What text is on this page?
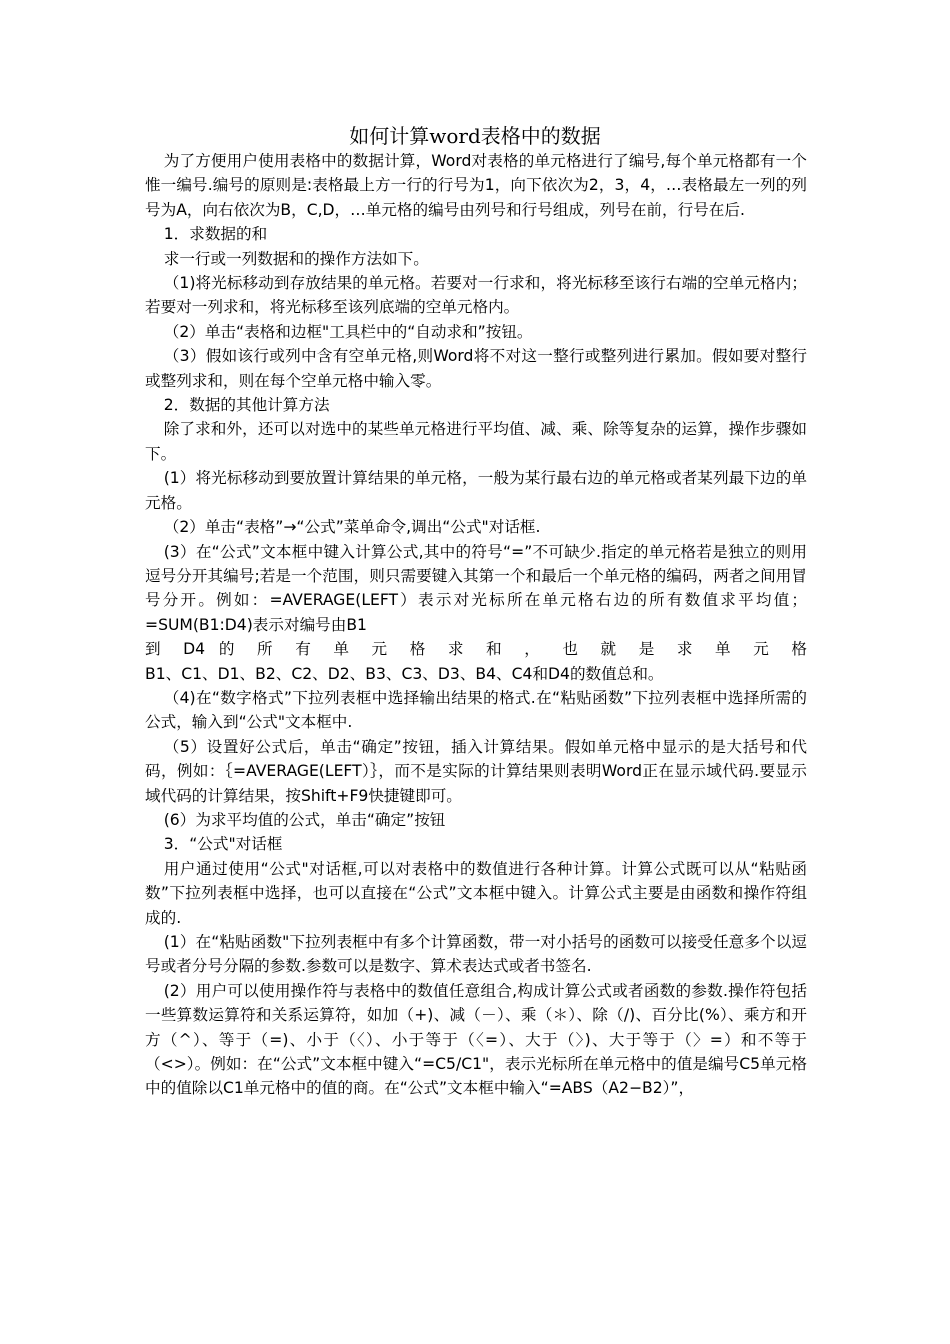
如何计算word表格中的数据

为了方便用户使用表格中的数据计算，Word对表格的单元格进行了编号,每个单元格都有一个惟一编号.编号的原则是:表格最上方一行的行号为1，向下依次为2，3，4，…表格最左一列的列号为A，向右依次为B，C,D，…单元格的编号由列号和行号组成，列号在前，行号在后.

1．求数据的和

求一行或一列数据和的操作方法如下。

（1)将光标移动到存放结果的单元格。若要对一行求和，将光标移至该行右端的空单元格内；若要对一列求和，将光标移至该列底端的空单元格内。

（2）单击“表格和边框"工具栏中的“自动求和”按钮。

（3）假如该行或列中含有空单元格,则Word将不对这一整行或整列进行累加。假如要对整行或整列求和，则在每个空单元格中输入零。

2．数据的其他计算方法

除了求和外，还可以对选中的某些单元格进行平均值、减、乘、除等复杂的运算，操作步骤如下。

(1）将光标移动到要放置计算结果的单元格，一般为某行最右边的单元格或者某列最下边的单元格。

（2）单击“表格”→“公式”菜单命令,调出“公式"对话框.

(3）在“公式”文本框中键入计算公式,其中的符号“=”不可缺少.指定的单元格若是独立的则用逗号分开其编号;若是一个范围，则只需要键入其第一个和最后一个单元格的编码，两者之间用冒号分开。例如：=AVERAGE(LEFT）表示对光标所在单元格右边的所有数值求平均值；=SUM(B1:D4)表示对编号由B1

到 D4 的 所 有 单 元 格 求 和 ， 也 就 是 求 单 元 格

B1、C1、D1、B2、C2、D2、B3、C3、D3、B4、C4和D4的数值总和。

（4)在“数字格式”下拉列表框中选择输出结果的格式.在“粘贴函数”下拉列表框中选择所需的公式，输入到“公式"文本框中.

（5）设置好公式后，单击“确定”按钮，插入计算结果。假如单元格中显示的是大括号和代码，例如：｛=AVERAGE(LEFT）｝，而不是实际的计算结果则表明Word正在显示域代码.要显示域代码的计算结果，按Shift+F9快捷键即可。

(6）为求平均值的公式，单击“确定”按钮

3．“公式"对话框

用户通过使用“公式"对话框,可以对表格中的数值进行各种计算。计算公式既可以从“粘贴函数”下拉列表框中选择，也可以直接在“公式”文本框中键入。计算公式主要是由函数和操作符组成的.

(1）在“粘贴函数"下拉列表框中有多个计算函数，带一对小括号的函数可以接受任意多个以逗号或者分号分隔的参数.参数可以是数字、算术表达式或者书签名.

(2）用户可以使用操作符与表格中的数值任意组合,构成计算公式或者函数的参数.操作符包括一些算数运算符和关系运算符，如加（+)、减（－）、乘（＊）、除（/)、百分比(%）、乘方和开方（^）、等于（=)、小于（〈）、小于等于（〈=）、大于（〉)、大于等于（〉=）和不等于（<>）。例如：在“公式”文本框中键入“=C5/C1"，表示光标所在单元格中的值是编号C5单元格中的值除以C1单元格中的值的商。在“公式”文本框中输入“=ABS（A2−B2）”，
